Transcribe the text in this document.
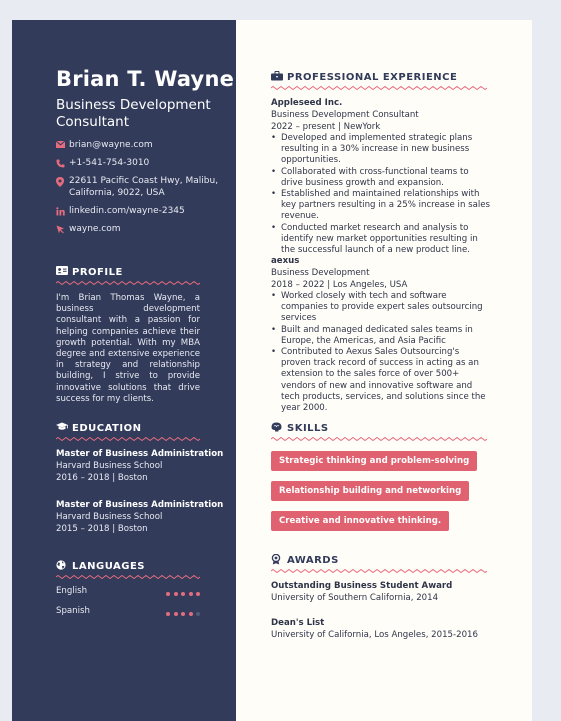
Brian T. Wayne

Business Development Consultant

brian@wayne.com
+1-541-754-3010
22611 Pacific Coast Hwy, Malibu, California, 9022, USA
linkedin.com/wayne-2345
wayne.com
PROFILE

I'm Brian Thomas Wayne, a business development consultant with a passion for helping companies achieve their growth potential. With my MBA degree and extensive experience in strategy and relationship building, I strive to provide innovative solutions that drive success for my clients.

EDUCATION
Master of Business Administration
Harvard Business School
2016 – 2018 | Boston
Master of Business Administration
Harvard Business School
2015 – 2018 | Boston
LANGUAGES
English
Spanish
PROFESSIONAL EXPERIENCE
Appleseed Inc.
Business Development Consultant
2022 – present | NewYork
• Developed and implemented strategic plans resulting in a 30% increase in new business opportunities.
• Collaborated with cross-functional teams to drive business growth and expansion.
• Established and maintained relationships with key partners resulting in a 25% increase in sales revenue.
• Conducted market research and analysis to identify new market opportunities resulting in the successful launch of a new product line.
aexus
Business Development
2018 – 2022 | Los Angeles, USA
• Worked closely with tech and software companies to provide expert sales outsourcing services
• Built and managed dedicated sales teams in Europe, the Americas, and Asia Pacific
• Contributed to Aexus Sales Outsourcing's proven track record of success in acting as an extension to the sales force of over 500+ vendors of new and innovative software and tech products, services, and solutions since the year 2000.
SKILLS
Strategic thinking and problem-solving
Relationship building and networking
Creative and innovative thinking.
AWARDS
Outstanding Business Student Award
University of Southern California, 2014
Dean's List
University of California, Los Angeles, 2015-2016
